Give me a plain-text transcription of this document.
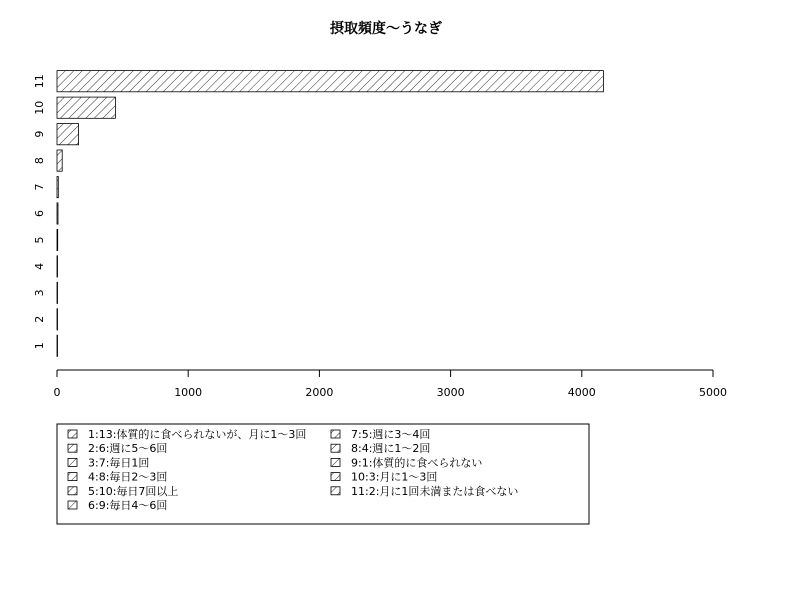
摂取頻度〜うなぎ
1
2
3
4
5
6
7
8
9
10
11
0	1000	2000	3000	4000	5000
1:13:体質的に食べられないが、月に1〜3回
2:6:週に5〜6回
3:7:毎日1回
4:8:毎日2〜3回
5:10:毎日7回以上
6:9:毎日4〜6回
7:5:週に3〜4回
8:4:週に1〜2回
9:1:体質的に食べられない
10:3:月に1〜3回
11:2:月に1回未満または食べない
